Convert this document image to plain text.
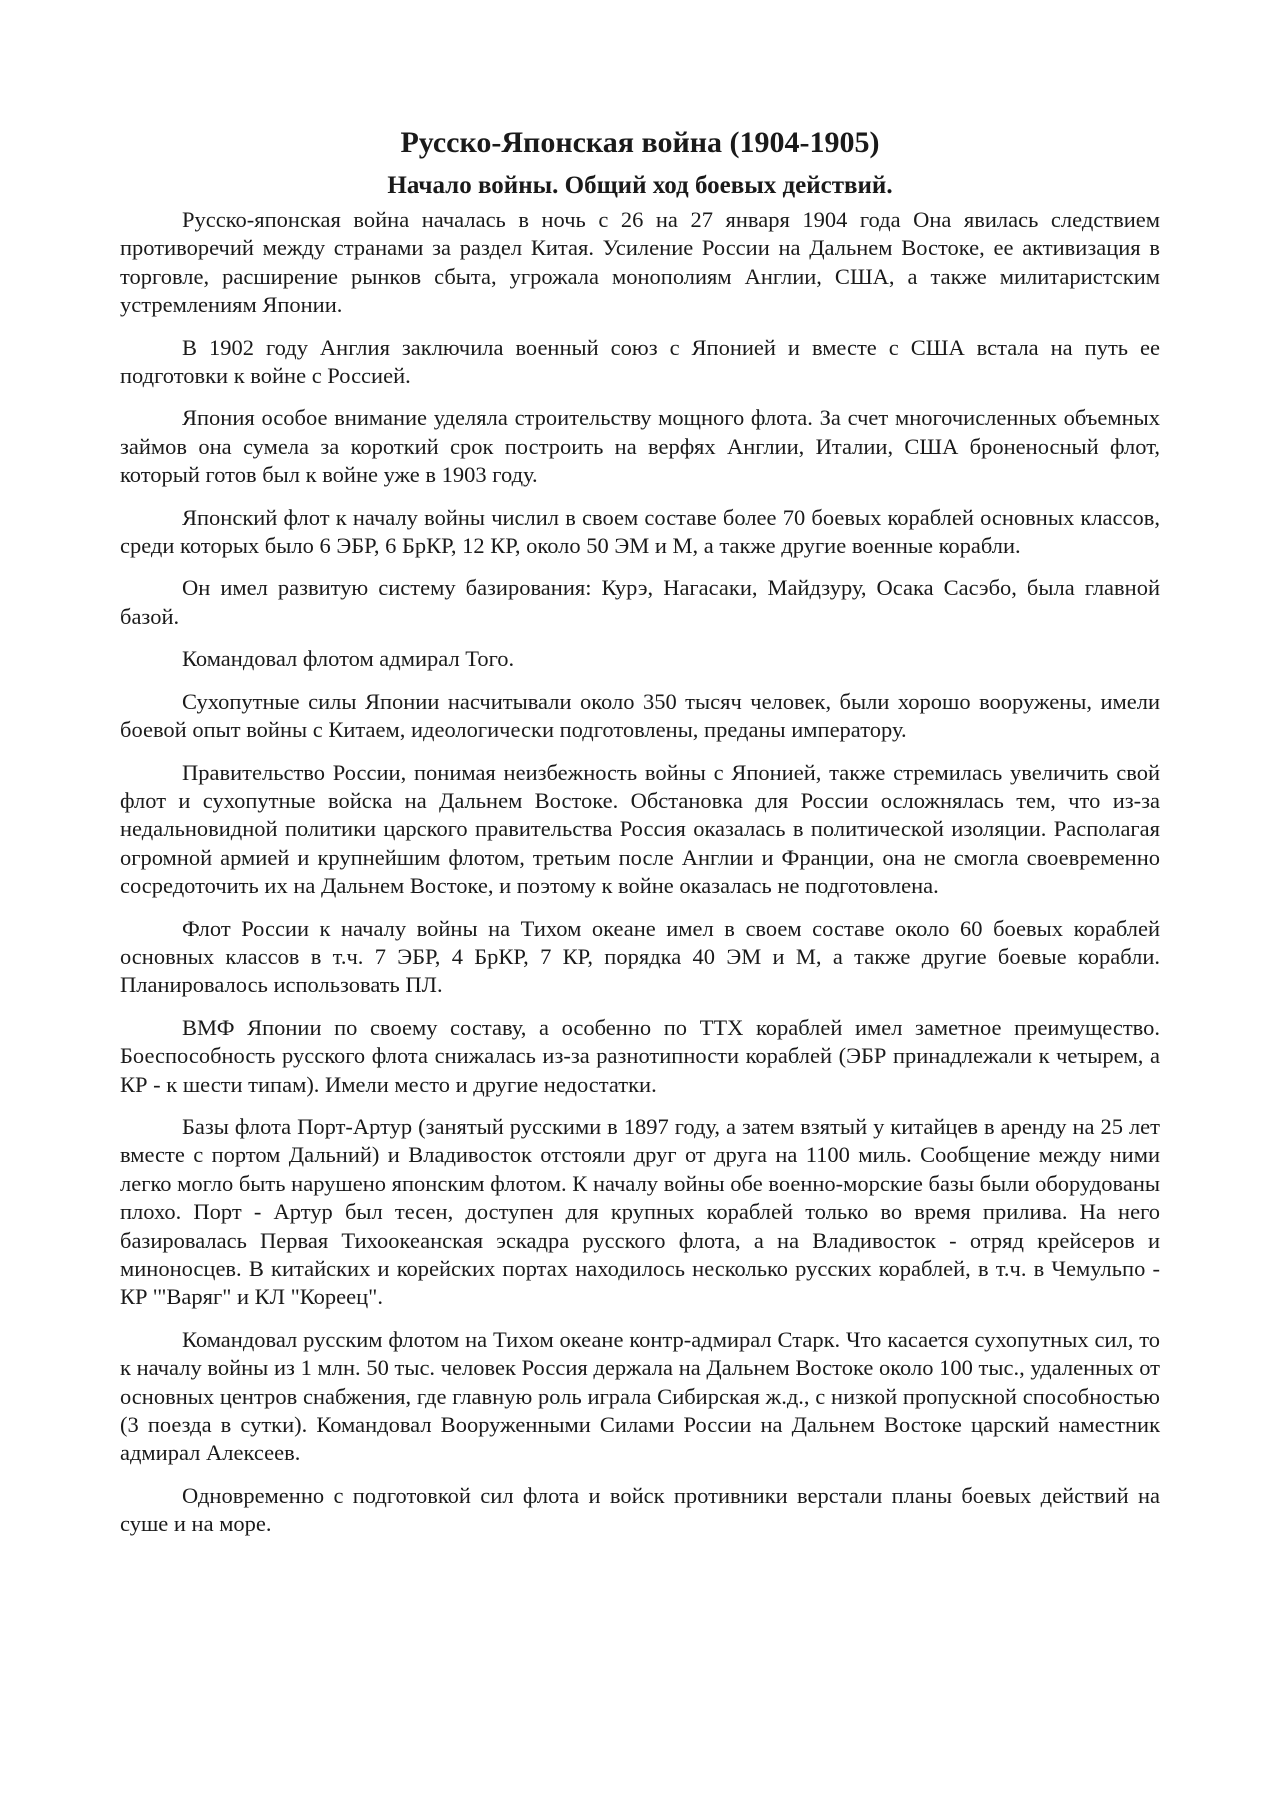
Русско-Японская война (1904-1905)
Начало войны. Общий ход боевых действий.

Русско-японская война началась в ночь с 26 на 27 января 1904 года Она явилась следствием противоречий между странами за раздел Китая. Усиление России на Дальнем Востоке, ее активизация в торговле, расширение рынков сбыта, угрожала монополиям Англии, США, а также милитаристским устремлениям Японии.

В 1902 году Англия заключила военный союз с Японией и вместе с США встала на путь ее подготовки к войне с Россией.

Япония особое внимание уделяла строительству мощного флота. За счет многочисленных объемных займов она сумела за короткий срок построить на верфях Англии, Италии, США броненосный флот, который готов был к войне уже в 1903 году.

Японский флот к началу войны числил в своем составе более 70 боевых кораблей основных классов, среди которых было 6 ЭБР, 6 БрКР, 12 КР, около 50 ЭМ и М, а также другие военные корабли.

Он имел развитую систему базирования: Курэ, Нагасаки, Майдзуру, Осака Сасэбо, была главной базой.

Командовал флотом адмирал Того.

Сухопутные силы Японии насчитывали около 350 тысяч человек, были хорошо вооружены, имели боевой опыт войны с Китаем, идеологически подготовлены, преданы императору.

Правительство России, понимая неизбежность войны с Японией, также стремилась увеличить свой флот и сухопутные войска на Дальнем Востоке. Обстановка для России осложнялась тем, что из-за недальновидной политики царского правительства Россия оказалась в политической изоляции. Располагая огромной армией и крупнейшим флотом, третьим после Англии и Франции, она не смогла своевременно сосредоточить их на Дальнем Востоке, и поэтому к войне оказалась не подготовлена.

Флот России к началу войны на Тихом океане имел в своем составе около 60 боевых кораблей основных классов в т.ч. 7 ЭБР, 4 БрКР, 7 КР, порядка 40 ЭМ и М, а также другие боевые корабли. Планировалось использовать ПЛ.

ВМФ Японии по своему составу, а особенно по ТТХ кораблей имел заметное преимущество. Боеспособность русского флота снижалась из-за разнотипности кораблей (ЭБР принадлежали к четырем, а КР - к шести типам). Имели место и другие недостатки.

Базы флота Порт-Артур (занятый русскими в 1897 году, а затем взятый у китайцев в аренду на 25 лет вместе с портом Дальний) и Владивосток отстояли друг от друга на 1100 миль. Сообщение между ними легко могло быть нарушено японским флотом. К началу войны обе военно-морские базы были оборудованы плохо. Порт - Артур был тесен, доступен для крупных кораблей только во время прилива. На него базировалась Первая Тихоокеанская эскадра русского флота, а на Владивосток - отряд крейсеров и миноносцев. В китайских и корейских портах находилось несколько русских кораблей, в т.ч. в Чемульпо - КР '"Варяг" и КЛ "Кореец".

Командовал русским флотом на Тихом океане контр-адмирал Старк. Что касается сухопутных сил, то к началу войны из 1 млн. 50 тыс. человек Россия держала на Дальнем Востоке около 100 тыс., удаленных от основных центров снабжения, где главную роль играла Сибирская ж.д., с низкой пропускной способностью (3 поезда в сутки). Командовал Вооруженными Силами России на Дальнем Востоке царский наместник адмирал Алексеев.

Одновременно с подготовкой сил флота и войск противники верстали планы боевых действий на суше и на море.
